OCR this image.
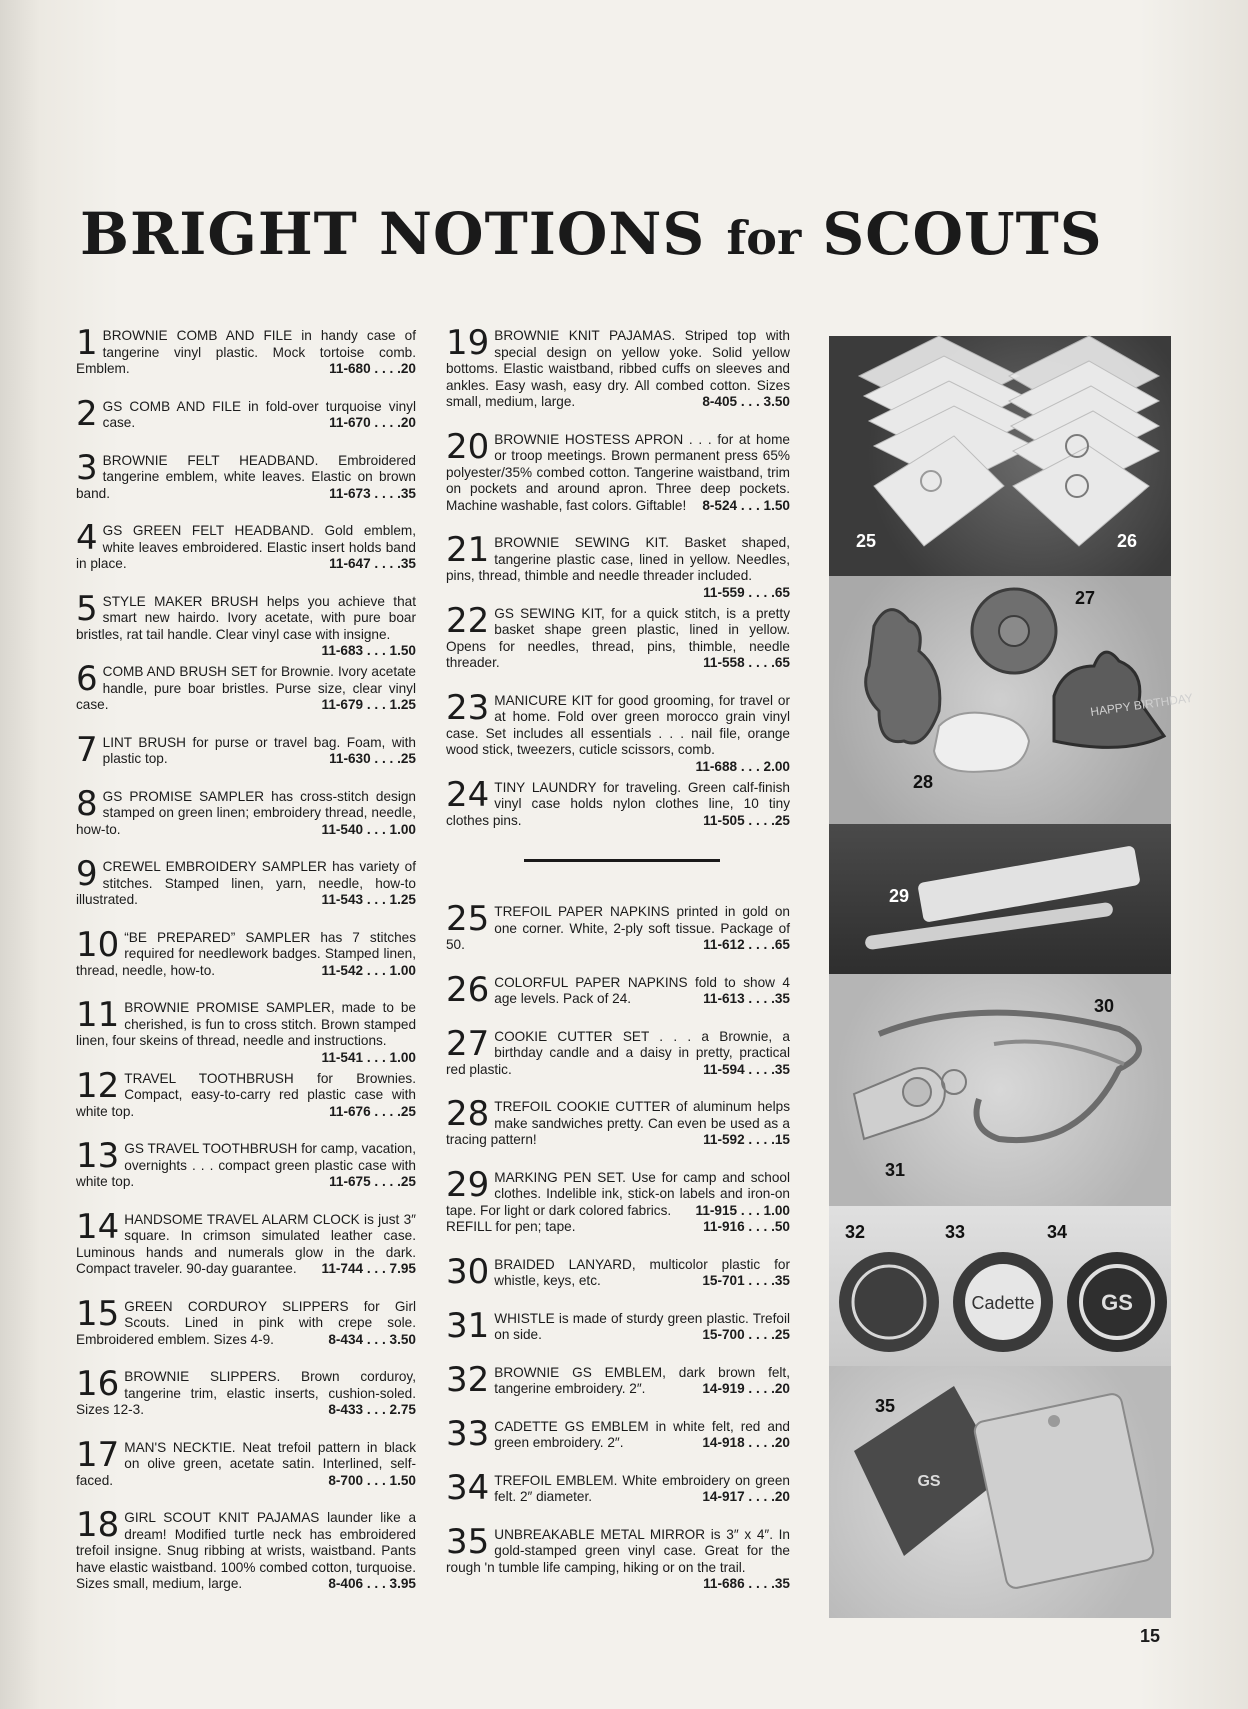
BRIGHT NOTIONS for SCOUTS
1 BROWNIE COMB AND FILE in handy case of tangerine vinyl plastic. Mock tortoise comb. Emblem.	11-680 . . . .20
2 GS COMB AND FILE in fold-over turquoise vinyl case.	11-670 . . . .20
3 BROWNIE FELT HEADBAND. Embroidered tangerine emblem, white leaves. Elastic on brown band.	11-673 . . . .35
4 GS GREEN FELT HEADBAND. Gold emblem, white leaves embroidered. Elastic insert holds band in place.	11-647 . . . .35
5 STYLE MAKER BRUSH helps you achieve that smart new hairdo. Ivory acetate, with pure boar bristles, rat tail handle. Clear vinyl case with insigne.
11-683 . . . 1.50
6 COMB AND BRUSH SET for Brownie. Ivory acetate handle, pure boar bristles. Purse size, clear vinyl case.	11-679 . . . 1.25
7 LINT BRUSH for purse or travel bag. Foam, with plastic top.	11-630 . . . .25
8 GS PROMISE SAMPLER has cross-stitch design stamped on green linen; embroidery thread, needle, how-to.	11-540 . . . 1.00
9 CREWEL EMBROIDERY SAMPLER has variety of stitches. Stamped linen, yarn, needle, how-to illustrated.	11-543 . . . 1.25
10 “BE PREPARED” SAMPLER has 7 stitches required for needlework badges. Stamped linen, thread, needle, how-to.	11-542 . . . 1.00
11 BROWNIE PROMISE SAMPLER, made to be cherished, is fun to cross stitch. Brown stamped linen, four skeins of thread, needle and instructions.
11-541 . . . 1.00
12 TRAVEL TOOTHBRUSH for Brownies. Compact, easy-to-carry red plastic case with white top.	11-676 . . . .25
13 GS TRAVEL TOOTHBRUSH for camp, vacation, overnights . . . compact green plastic case with white top.	11-675 . . . .25
14 HANDSOME TRAVEL ALARM CLOCK is just 3″ square. In crimson simulated leather case. Luminous hands and numerals glow in the dark. Compact traveler. 90-day guarantee. 11-744 . . . 7.95
15 GREEN CORDUROY SLIPPERS for Girl Scouts. Lined in pink with crepe sole. Embroidered emblem. Sizes 4-9.	8-434 . . . 3.50
16 BROWNIE SLIPPERS. Brown corduroy, tangerine trim, elastic inserts, cushion-soled. Sizes 12-3.	8-433 . . . 2.75
17 MAN'S NECKTIE. Neat trefoil pattern in black on olive green, acetate satin. Interlined, self-faced.	8-700 . . . 1.50
18 GIRL SCOUT KNIT PAJAMAS launder like a dream! Modified turtle neck has embroidered trefoil insigne. Snug ribbing at wrists, waistband. Pants have elastic waistband. 100% combed cotton, turquoise. Sizes small, medium, large.	8-406 . . . 3.95
19 BROWNIE KNIT PAJAMAS. Striped top with special design on yellow yoke. Solid yellow bottoms. Elastic waistband, ribbed cuffs on sleeves and ankles. Easy wash, easy dry. All combed cotton. Sizes small, medium, large.	8-405 . . . 3.50
20 BROWNIE HOSTESS APRON . . . for at home or troop meetings. Brown permanent press 65% polyester/35% combed cotton. Tangerine waistband, trim on pockets and around apron. Three deep pockets. Machine washable, fast colors. Giftable! 8-524 . . . 1.50
21 BROWNIE SEWING KIT. Basket shaped, tangerine plastic case, lined in yellow. Needles, pins, thread, thimble and needle threader included.
11-559 . . . .65
22 GS SEWING KIT, for a quick stitch, is a pretty basket shape green plastic, lined in yellow. Opens for needles, thread, pins, thimble, needle threader.	11-558 . . . .65
23 MANICURE KIT for good grooming, for travel or at home. Fold over green morocco grain vinyl case. Set includes all essentials . . . nail file, orange wood stick, tweezers, cuticle scissors, comb.
11-688 . . . 2.00
24 TINY LAUNDRY for traveling. Green calf-finish vinyl case holds nylon clothes line, 10 tiny clothes pins.	11-505 . . . .25
25 TREFOIL PAPER NAPKINS printed in gold on one corner. White, 2-ply soft tissue. Package of 50.	11-612 . . . .65
26 COLORFUL PAPER NAPKINS fold to show 4 age levels. Pack of 24.	11-613 . . . .35
27 COOKIE CUTTER SET . . . a Brownie, a birthday candle and a daisy in pretty, practical red plastic.	11-594 . . . .35
28 TREFOIL COOKIE CUTTER of aluminum helps make sandwiches pretty. Can even be used as a tracing pattern!	11-592 . . . .15
29 MARKING PEN SET. Use for camp and school clothes. Indelible ink, stick-on labels and iron-on tape. For light or dark colored fabrics. 11-915 . . . 1.00

REFILL for pen; tape.	11-916 . . . .50
30 BRAIDED LANYARD, multicolor plastic for whistle, keys, etc.	15-701 . . . .35
31 WHISTLE is made of sturdy green plastic. Trefoil on side.	15-700 . . . .25
32 BROWNIE GS EMBLEM, dark brown felt, tangerine embroidery. 2″.	14-919 . . . .20
33 CADETTE GS EMBLEM in white felt, red and green embroidery. 2″.	14-918 . . . .20
34 TREFOIL EMBLEM. White embroidery on green felt. 2″ diameter.	14-917 . . . .20
35 UNBREAKABLE METAL MIRROR is 3″ x 4″. In gold-stamped green vinyl case. Great for the rough 'n tumble life camping, hiking or on the trail.
11-686 . . . .35
25	26
HAPPY BIRTHDAY
27
28
29
30
31
Cadette	GS
32	33	34
GS
35
15
